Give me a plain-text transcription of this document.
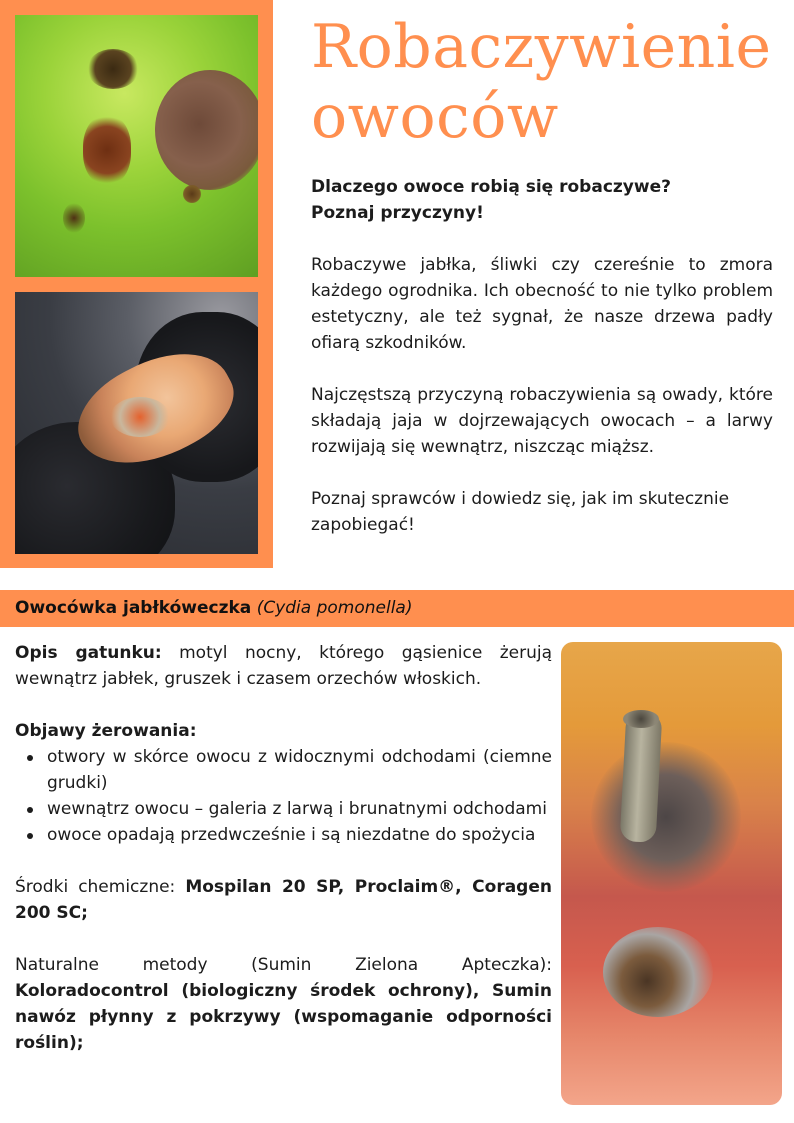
Robaczywienie
owoców
Dlaczego owoce robią się robaczywe?
Poznaj przyczyny!

Robaczywe jabłka, śliwki czy czereśnie to zmora każdego ogrodnika. Ich obecność to nie tylko problem estetyczny, ale też sygnał, że nasze drzewa padły ofiarą szkodników.

Najczęstszą przyczyną robaczywienia są owady, które składają jaja w dojrzewających owocach – a larwy rozwijają się wewnątrz, niszcząc miąższ.

Poznaj sprawców i dowiedz się, jak im skutecznie zapobiegać!

Owocówka jabłkóweczka (Cydia pomonella)
Opis gatunku: motyl nocny, którego gąsienice żerują wewnątrz jabłek, gruszek i czasem orzechów włoskich.
Objawy żerowania:
otwory w skórce owocu z widocznymi odchodami (ciemne grudki)
wewnątrz owocu – galeria z larwą i brunatnymi odchodami
owoce opadają przedwcześnie i są niezdatne do spożycia
Środki chemiczne: Mospilan 20 SP, Proclaim®, Coragen 200 SC;
Naturalne metody (Sumin Zielona Apteczka): Koloradocontrol (biologiczny środek ochrony), Sumin nawóz płynny z pokrzywy (wspomaganie odporności roślin);
